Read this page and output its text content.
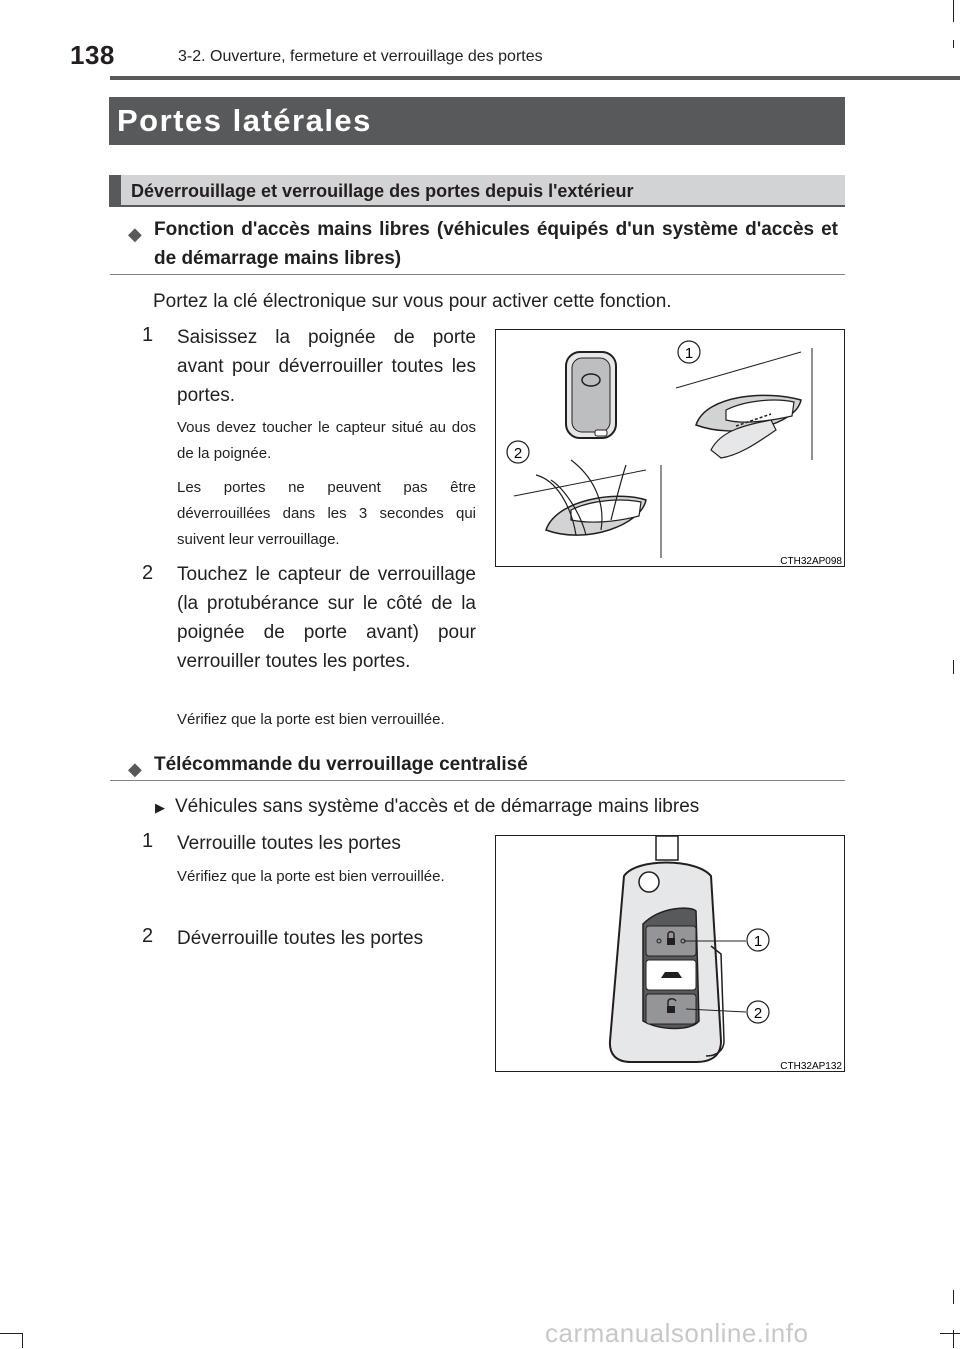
138	3-2. Ouverture, fermeture et verrouillage des portes
Portes latérales
Déverrouillage et verrouillage des portes depuis l'extérieur
◆ Fonction d'accès mains libres (véhicules équipés d'un système d'accès et de démarrage mains libres)
Portez la clé électronique sur vous pour activer cette fonction.
1 Saisissez la poignée de porte avant pour déverrouiller toutes les portes.
Vous devez toucher le capteur situé au dos de la poignée.
Les portes ne peuvent pas être déverrouillées dans les 3 secondes qui suivent leur verrouillage.
2 Touchez le capteur de verrouillage (la protubérance sur le côté de la poignée de porte avant) pour verrouiller toutes les portes.
Vérifiez que la porte est bien verrouillée.
1
2
CTH32AP098
◆ Télécommande du verrouillage centralisé
▶ Véhicules sans système d'accès et de démarrage mains libres
1 Verrouille toutes les portes
Vérifiez que la porte est bien verrouillée.
2 Déverrouille toutes les portes	1
2
CTH32AP132
carmanualsonline.info
